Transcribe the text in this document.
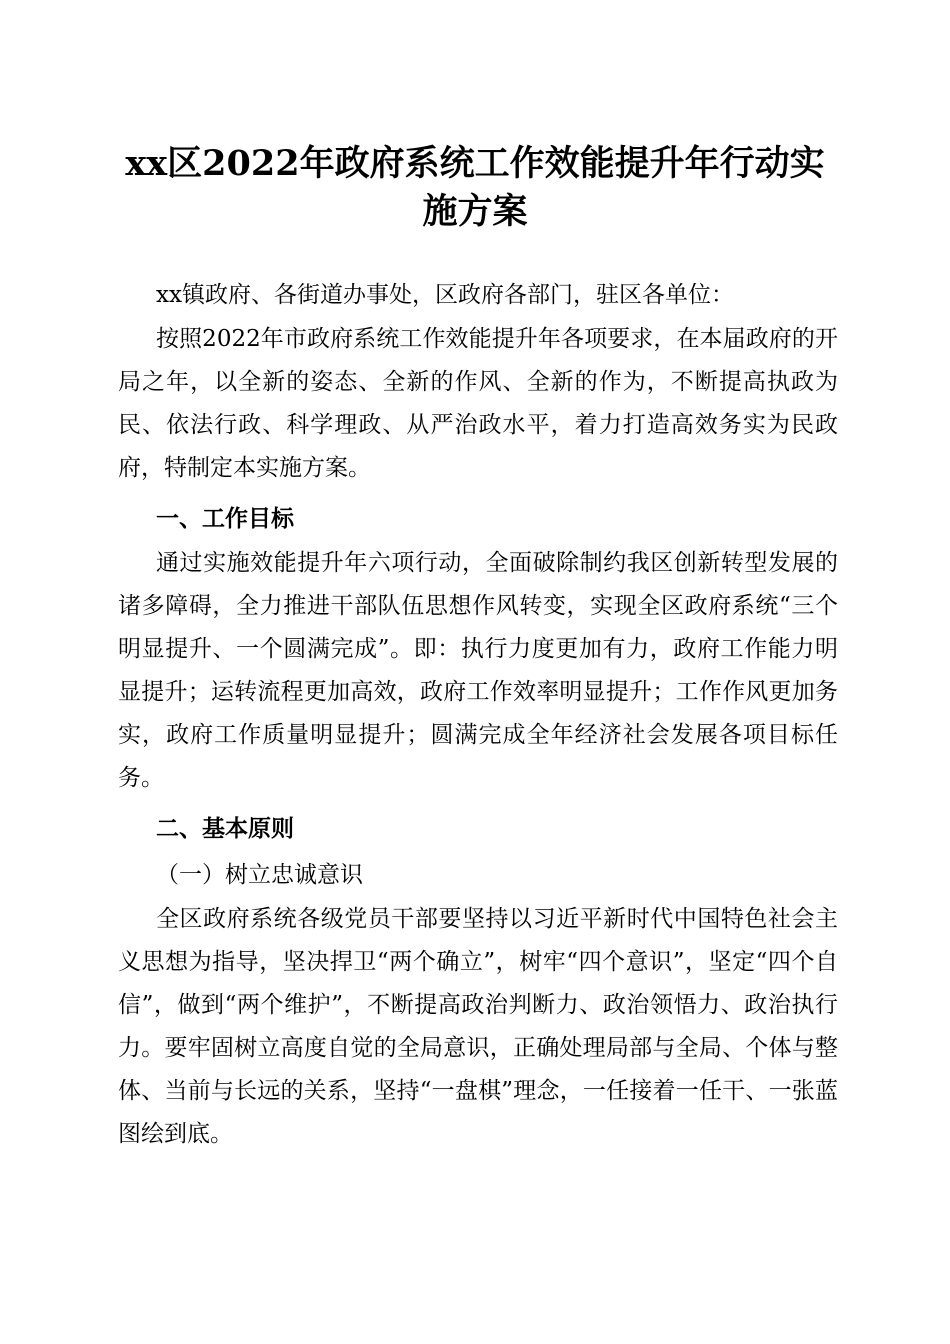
xx区2022年政府系统工作效能提升年行动实
施方案

xx镇政府、各街道办事处，区政府各部门，驻区各单位：

按照2022年市政府系统工作效能提升年各项要求，在本届政府的开局之年，以全新的姿态、全新的作风、全新的作为，不断提高执政为民、依法行政、科学理政、从严治政水平，着力打造高效务实为民政府，特制定本实施方案。

一、工作目标

通过实施效能提升年六项行动，全面破除制约我区创新转型发展的诸多障碍，全力推进干部队伍思想作风转变，实现全区政府系统“三个明显提升、一个圆满完成”。即：执行力度更加有力，政府工作能力明显提升；运转流程更加高效，政府工作效率明显提升；工作作风更加务实，政府工作质量明显提升；圆满完成全年经济社会发展各项目标任务。

二、基本原则

（一）树立忠诚意识

全区政府系统各级党员干部要坚持以习近平新时代中国特色社会主义思想为指导，坚决捍卫“两个确立”，树牢“四个意识”，坚定“四个自信”，做到“两个维护”，不断提高政治判断力、政治领悟力、政治执行力。要牢固树立高度自觉的全局意识，正确处理局部与全局、个体与整体、当前与长远的关系，坚持“一盘棋”理念，一任接着一任干、一张蓝图绘到底。
